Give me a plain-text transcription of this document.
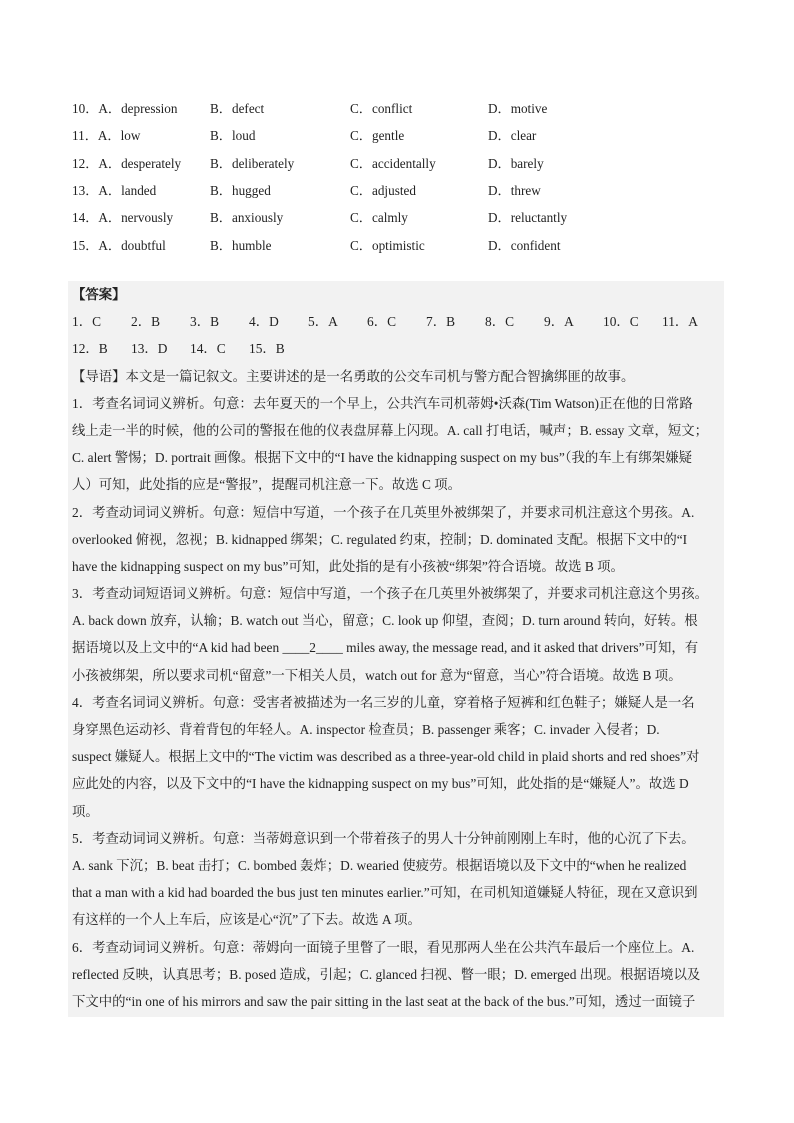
10．A．depression	B．defect	C．conflict	D．motive
11．A．low	B．loud	C．gentle	D．clear
12．A．desperately	B．deliberately	C．accidentally	D．barely
13．A．landed	B．hugged	C．adjusted	D．threw
14．A．nervously	B．anxiously	C．calmly	D．reluctantly
15．A．doubtful	B．humble	C．optimistic	D．confident
【答案】
1．C	2．B	3．B	4．D	5．A	6．C	7．B	8．C	9．A	10．C	11．A
12．B	13．D	14．C	15．B
【导语】本文是一篇记叙文。主要讲述的是一名勇敢的公交车司机与警方配合智擒绑匪的故事。
1．考查名词词义辨析。句意：去年夏天的一个早上，公共汽车司机蒂姆•沃森(Tim Watson)正在他的日常路
线上走一半的时候，他的公司的警报在他的仪表盘屏幕上闪现。A. call 打电话，喊声；B. essay 文章，短文；
C. alert 警惕；D. portrait 画像。根据下文中的“I have the kidnapping suspect on my bus”（我的车上有绑架嫌疑
人）可知，此处指的应是“警报”，提醒司机注意一下。故选 C 项。
2．考查动词词义辨析。句意：短信中写道，一个孩子在几英里外被绑架了，并要求司机注意这个男孩。A.
overlooked 俯视，忽视；B. kidnapped 绑架；C. regulated 约束，控制；D. dominated 支配。根据下文中的“I
have the kidnapping suspect on my bus”可知，此处指的是有小孩被“绑架”符合语境。故选 B 项。
3．考查动词短语词义辨析。句意：短信中写道，一个孩子在几英里外被绑架了，并要求司机注意这个男孩。
A. back down 放弃，认输；B. watch out 当心，留意；C. look up 仰望，查阅；D. turn around 转向，好转。根
据语境以及上文中的“A kid had been ____2____ miles away, the message read, and it asked that drivers”可知，有
小孩被绑架，所以要求司机“留意”一下相关人员，watch out for 意为“留意，当心”符合语境。故选 B 项。
4．考查名词词义辨析。句意：受害者被描述为一名三岁的儿童，穿着格子短裤和红色鞋子；嫌疑人是一名
身穿黑色运动衫、背着背包的年轻人。A. inspector 检查员；B. passenger 乘客；C. invader 入侵者；D.
suspect 嫌疑人。根据上文中的“The victim was described as a three-year-old child in plaid shorts and red shoes”对
应此处的内容，以及下文中的“I have the kidnapping suspect on my bus”可知，此处指的是“嫌疑人”。故选 D
项。
5．考查动词词义辨析。句意：当蒂姆意识到一个带着孩子的男人十分钟前刚刚上车时，他的心沉了下去。
A. sank 下沉；B. beat 击打；C. bombed 轰炸；D. wearied 使疲劳。根据语境以及下文中的“when he realized
that a man with a kid had boarded the bus just ten minutes earlier.”可知，在司机知道嫌疑人特征，现在又意识到
有这样的一个人上车后，应该是心“沉”了下去。故选 A 项。
6．考查动词词义辨析。句意：蒂姆向一面镜子里瞥了一眼，看见那两人坐在公共汽车最后一个座位上。A.
reflected 反映，认真思考；B. posed 造成，引起；C. glanced 扫视、瞥一眼；D. emerged 出现。根据语境以及
下文中的“in one of his mirrors and saw the pair sitting in the last seat at the back of the bus.”可知，透过一面镜子
